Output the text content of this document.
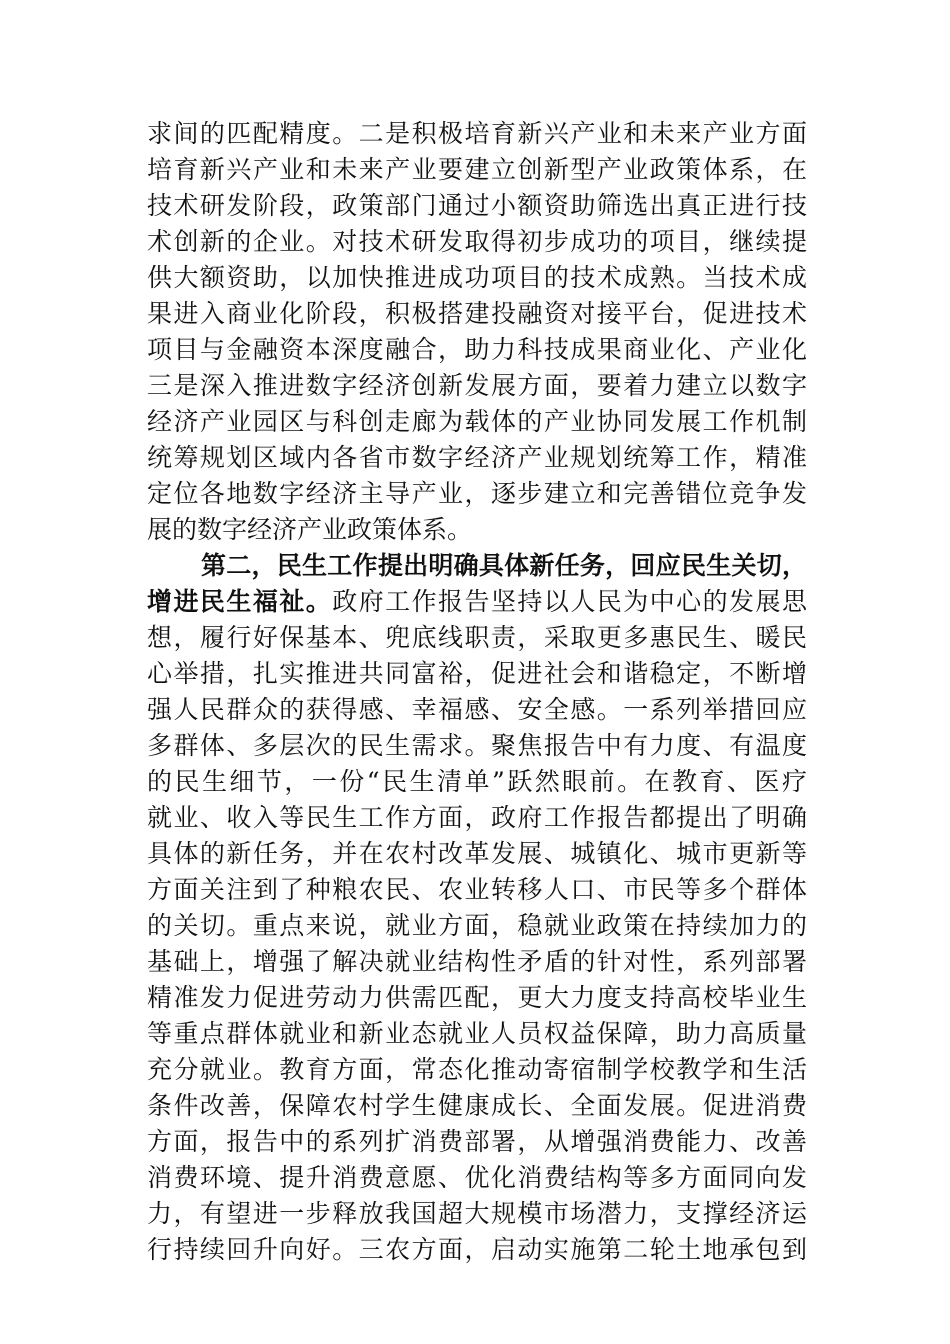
求间的匹配精度。二是积极培育新兴产业和未来产业方面
培育新兴产业和未来产业要建立创新型产业政策体系，在
技术研发阶段，政策部门通过小额资助筛选出真正进行技
术创新的企业。对技术研发取得初步成功的项目，继续提
供大额资助，以加快推进成功项目的技术成熟。当技术成
果进入商业化阶段，积极搭建投融资对接平台，促进技术
项目与金融资本深度融合，助力科技成果商业化、产业化
三是深入推进数字经济创新发展方面，要着力建立以数字
经济产业园区与科创走廊为载体的产业协同发展工作机制
统筹规划区域内各省市数字经济产业规划统筹工作，精准
定位各地数字经济主导产业，逐步建立和完善错位竞争发
展的数字经济产业政策体系。
第二，民生工作提出明确具体新任务，回应民生关切，
增进民生福祉。政府工作报告坚持以人民为中心的发展思
想，履行好保基本、兜底线职责，采取更多惠民生、暖民
心举措，扎实推进共同富裕，促进社会和谐稳定，不断增
强人民群众的获得感、幸福感、安全感。一系列举措回应
多群体、多层次的民生需求。聚焦报告中有力度、有温度
的民生细节，一份“民生清单”跃然眼前。在教育、医疗
就业、收入等民生工作方面，政府工作报告都提出了明确
具体的新任务，并在农村改革发展、城镇化、城市更新等
方面关注到了种粮农民、农业转移人口、市民等多个群体
的关切。重点来说，就业方面，稳就业政策在持续加力的
基础上，增强了解决就业结构性矛盾的针对性，系列部署
精准发力促进劳动力供需匹配，更大力度支持高校毕业生
等重点群体就业和新业态就业人员权益保障，助力高质量
充分就业。教育方面，常态化推动寄宿制学校教学和生活
条件改善，保障农村学生健康成长、全面发展。促进消费
方面，报告中的系列扩消费部署，从增强消费能力、改善
消费环境、提升消费意愿、优化消费结构等多方面同向发
力，有望进一步释放我国超大规模市场潜力，支撑经济运
行持续回升向好。三农方面，启动实施第二轮土地承包到
